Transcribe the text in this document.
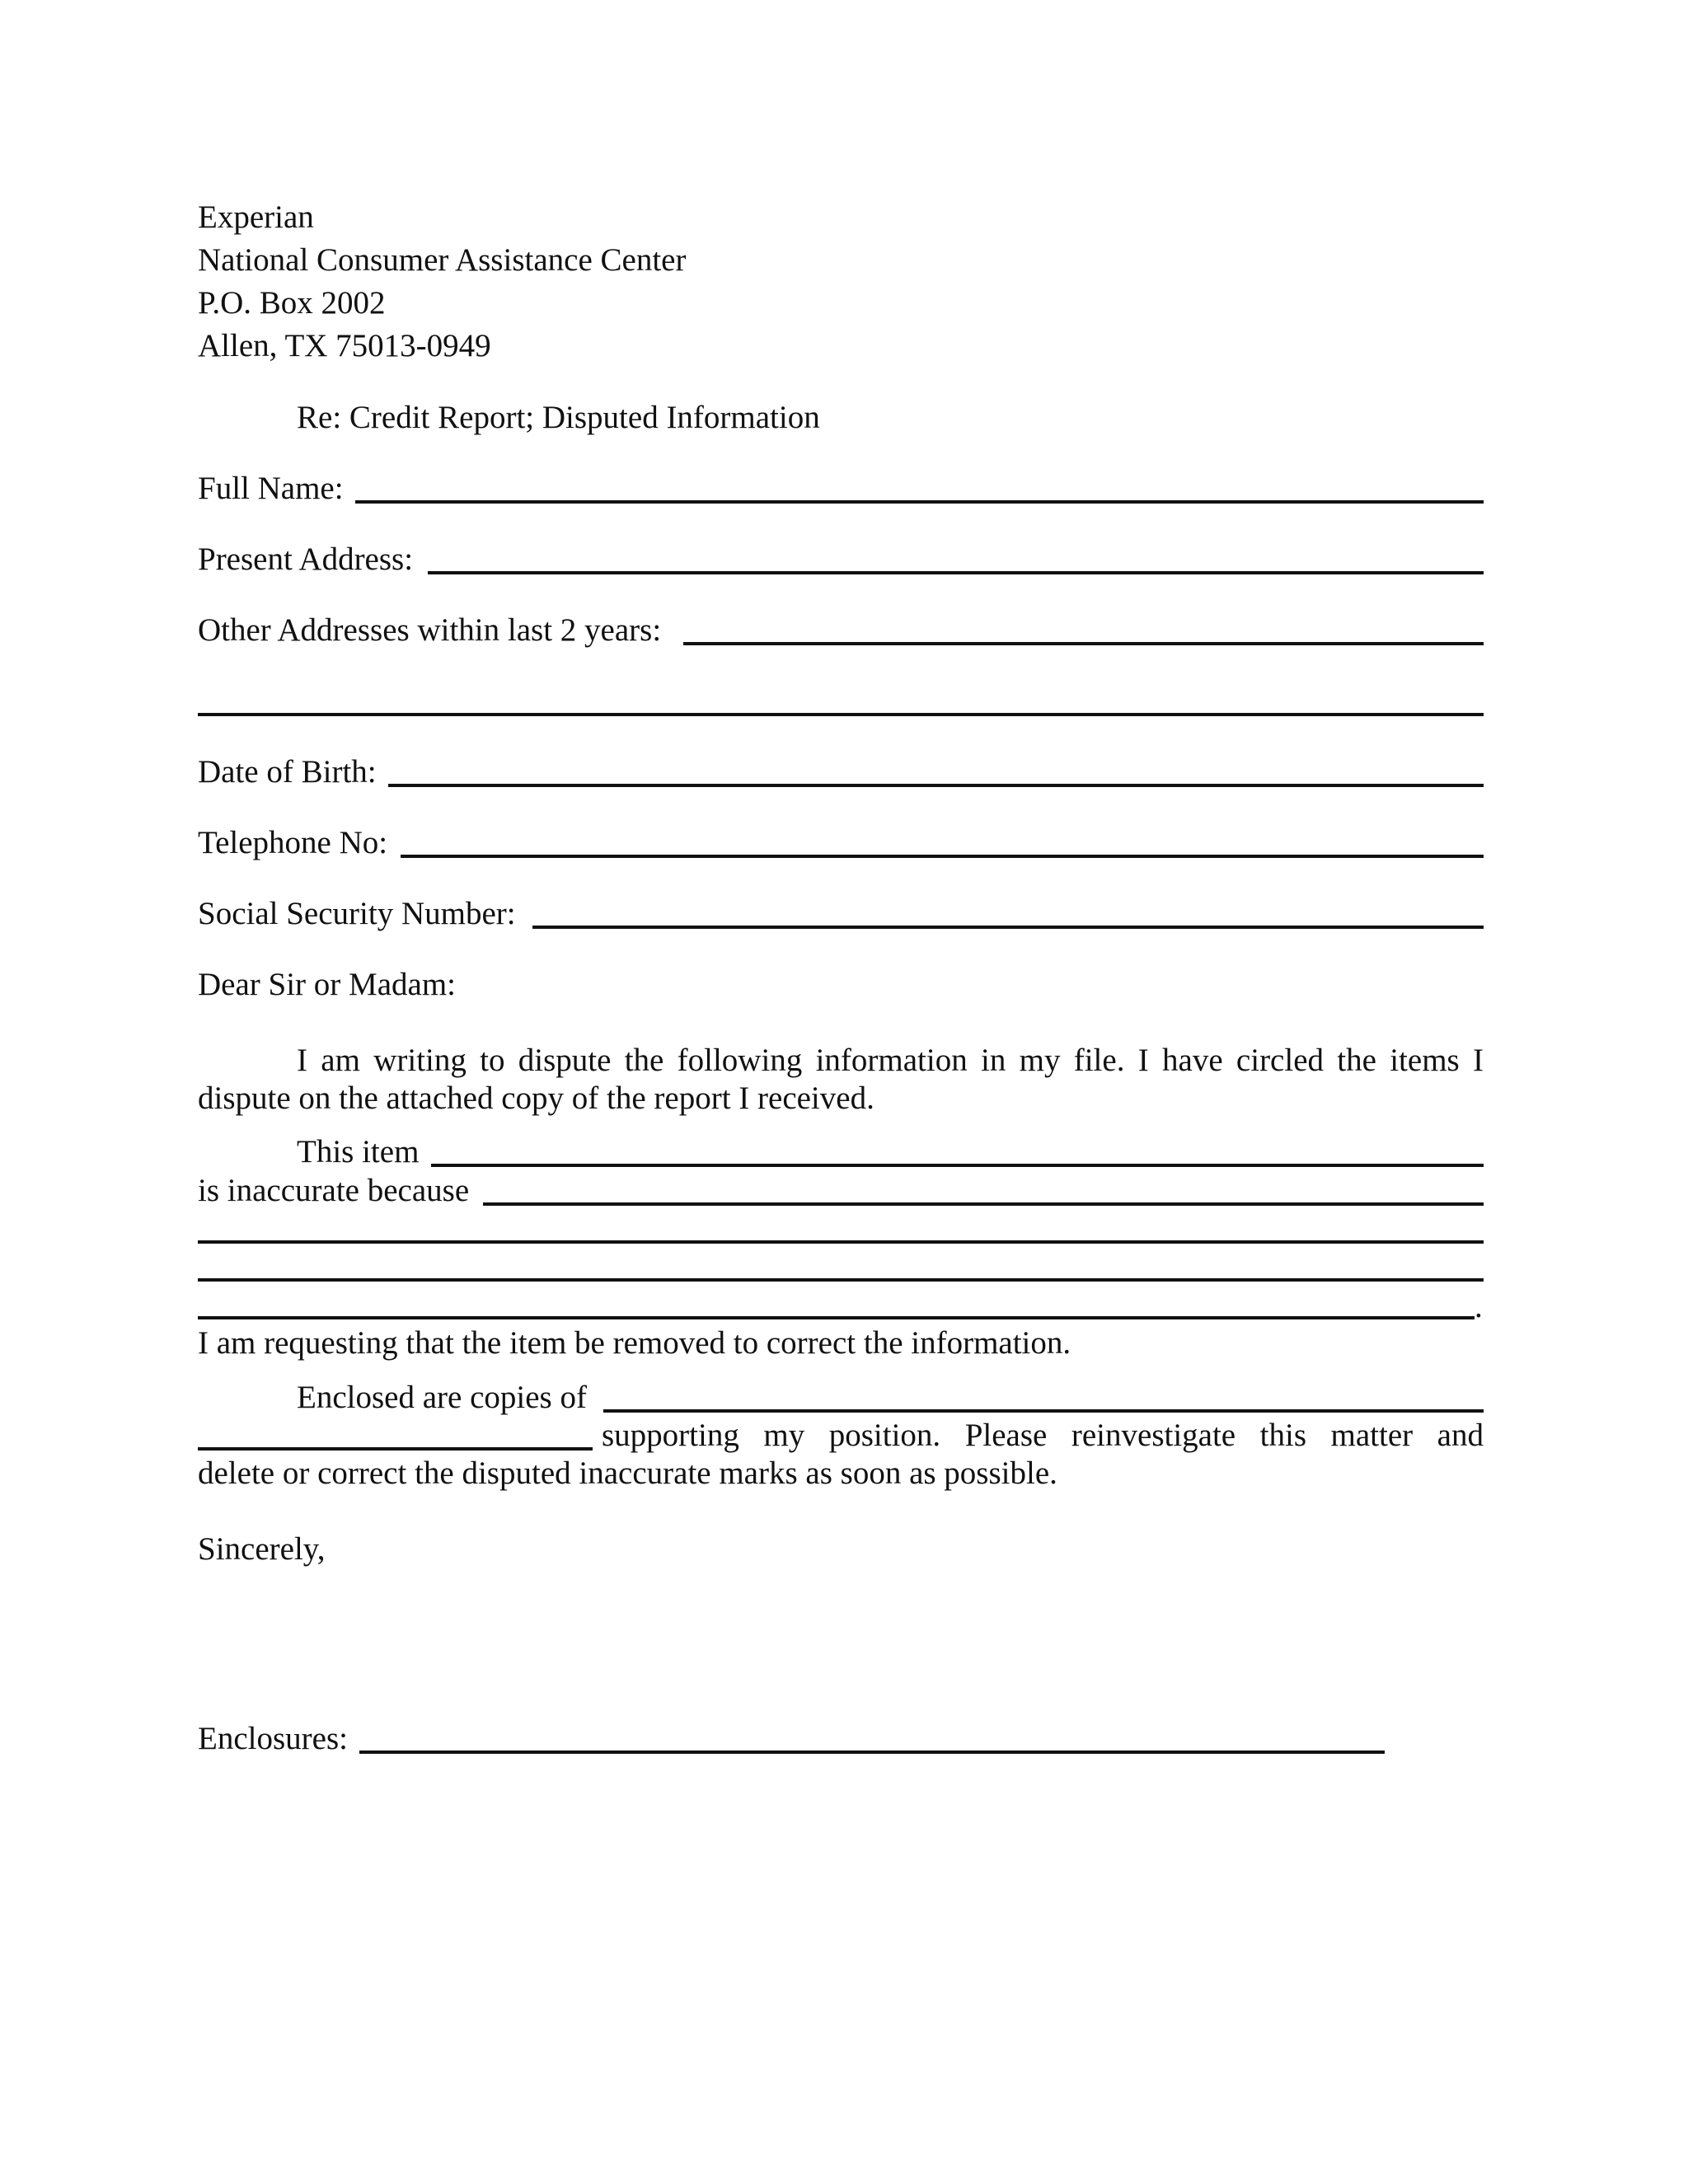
Experian
National Consumer Assistance Center
P.O. Box 2002
Allen, TX 75013-0949
Re: Credit Report; Disputed Information
Full Name:
Present Address:
Other Addresses within last 2 years:
Date of Birth:
Telephone No:
Social Security Number:
Dear Sir or Madam:
I am writing to dispute the following information in my file. I have circled the items I
dispute on the attached copy of the report I received.
This item
is inaccurate because
.
I am requesting that the item be removed to correct the information.
Enclosed are copies of
supporting my position. Please reinvestigate this matter and
delete or correct the disputed inaccurate marks as soon as possible.
Sincerely,
Enclosures:
